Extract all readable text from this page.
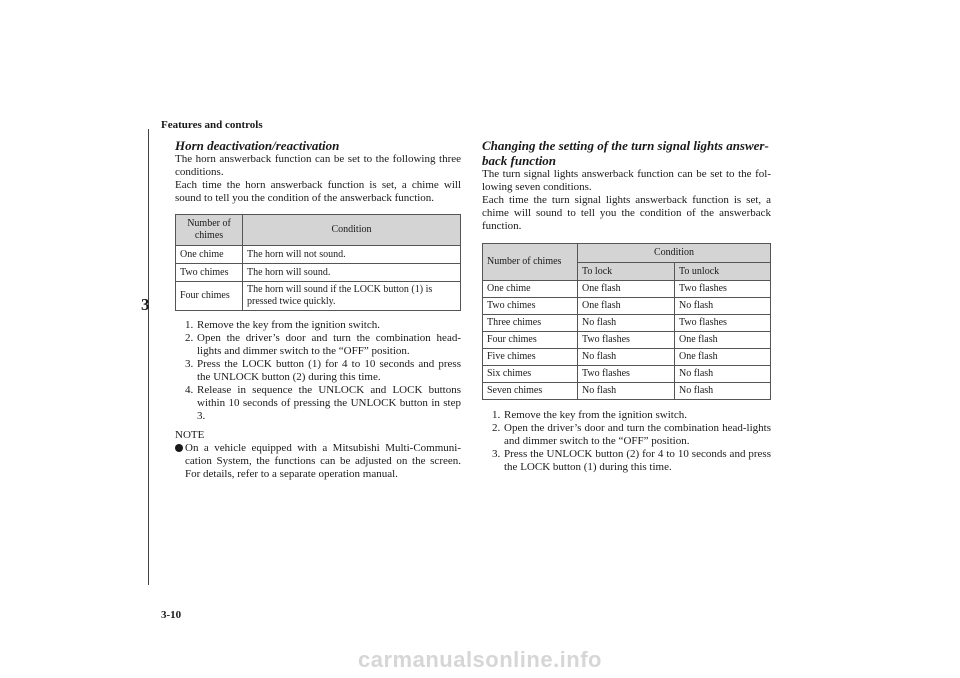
Features and controls
3
3-10
Horn deactivation/reactivation
The horn answerback function can be set to the following three conditions.
Each time the horn answerback function is set, a chime will sound to tell you the condition of the answerback function.
Number of chimes	Condition
One chime	The horn will not sound.
Two chimes	The horn will sound.
Four chimes	The horn will sound if the LOCK button (1) is pressed twice quickly.
1. Remove the key from the ignition switch.
2. Open the driver’s door and turn the combination head-lights and dimmer switch to the “OFF” position.
3. Press the LOCK button (1) for 4 to 10 seconds and press the UNLOCK button (2) during this time.
4. Release in sequence the UNLOCK and LOCK buttons within 10 seconds of pressing the UNLOCK button in step 3.
NOTE
On a vehicle equipped with a Mitsubishi Multi-Communi-cation System, the functions can be adjusted on the screen. For details, refer to a separate operation manual.
Changing the setting of the turn signal lights answer-back function
The turn signal lights answerback function can be set to the fol-lowing seven conditions.
Each time the turn signal lights answerback function is set, a chime will sound to tell you the condition of the answerback function.
Number of chimes	Condition	
	To lock	To unlock
One chime	One flash	Two flashes
Two chimes	One flash	No flash
Three chimes	No flash	Two flashes
Four chimes	Two flashes	One flash
Five chimes	No flash	One flash
Six chimes	Two flashes	No flash
Seven chimes	No flash	No flash
1. Remove the key from the ignition switch.
2. Open the driver’s door and turn the combination head-lights and dimmer switch to the “OFF” position.
3. Press the UNLOCK button (2) for 4 to 10 seconds and press the LOCK button (1) during this time.
carmanualsonline.info
